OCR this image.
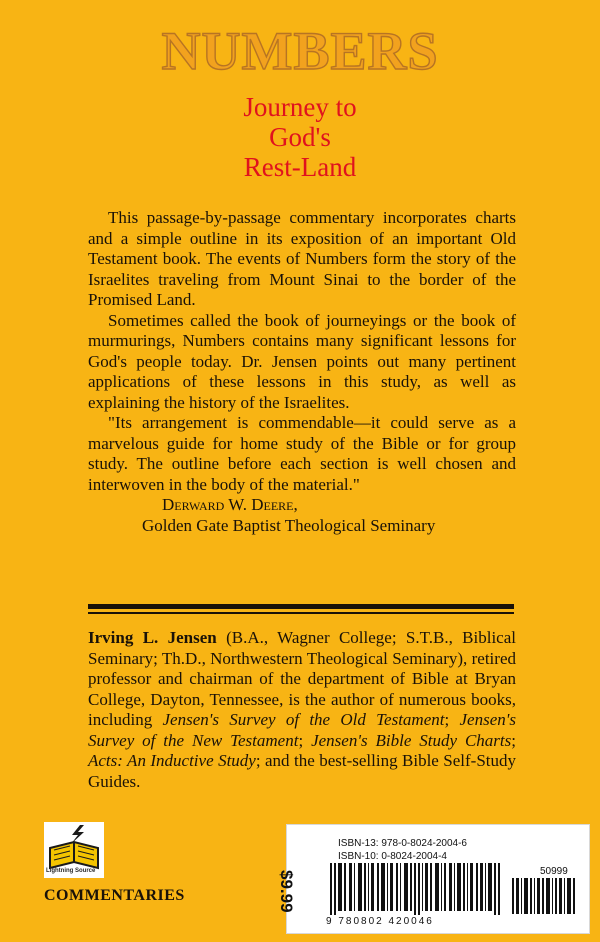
NUMBERS
Journey to
God's
Rest-Land

This passage-by-passage commentary incorporates charts and a simple outline in its exposition of an important Old Testament book. The events of Numbers form the story of the Israelites traveling from Mount Sinai to the border of the Promised Land.

Sometimes called the book of journeyings or the book of murmurings, Numbers contains many significant lessons for God's people today. Dr. Jensen points out many pertinent applications of these lessons in this study, as well as explaining the history of the Israelites.

"Its arrangement is commendable—it could serve as a marvelous guide for home study of the Bible or for group study. The outline before each section is well chosen and interwoven in the body of the material."

Derward W. Deere,
Golden Gate Baptist Theological Seminary
Irving L. Jensen (B.A., Wagner College; S.T.B., Biblical Seminary; Th.D., Northwestern Theological Seminary), retired professor and chairman of the department of Bible at Bryan College, Dayton, Tennessee, is the author of numerous books, including Jensen's Survey of the Old Testament; Jensen's Survey of the New Testament; Jensen's Bible Study Charts; Acts: An Inductive Study; and the best-selling Bible Self-Study Guides.
Lightning Source
COMMENTARIES
ISBN-13: 978-0-8024-2004-6
ISBN-10: 0-8024-2004-4
$9.99	50999
9 780802 420046
